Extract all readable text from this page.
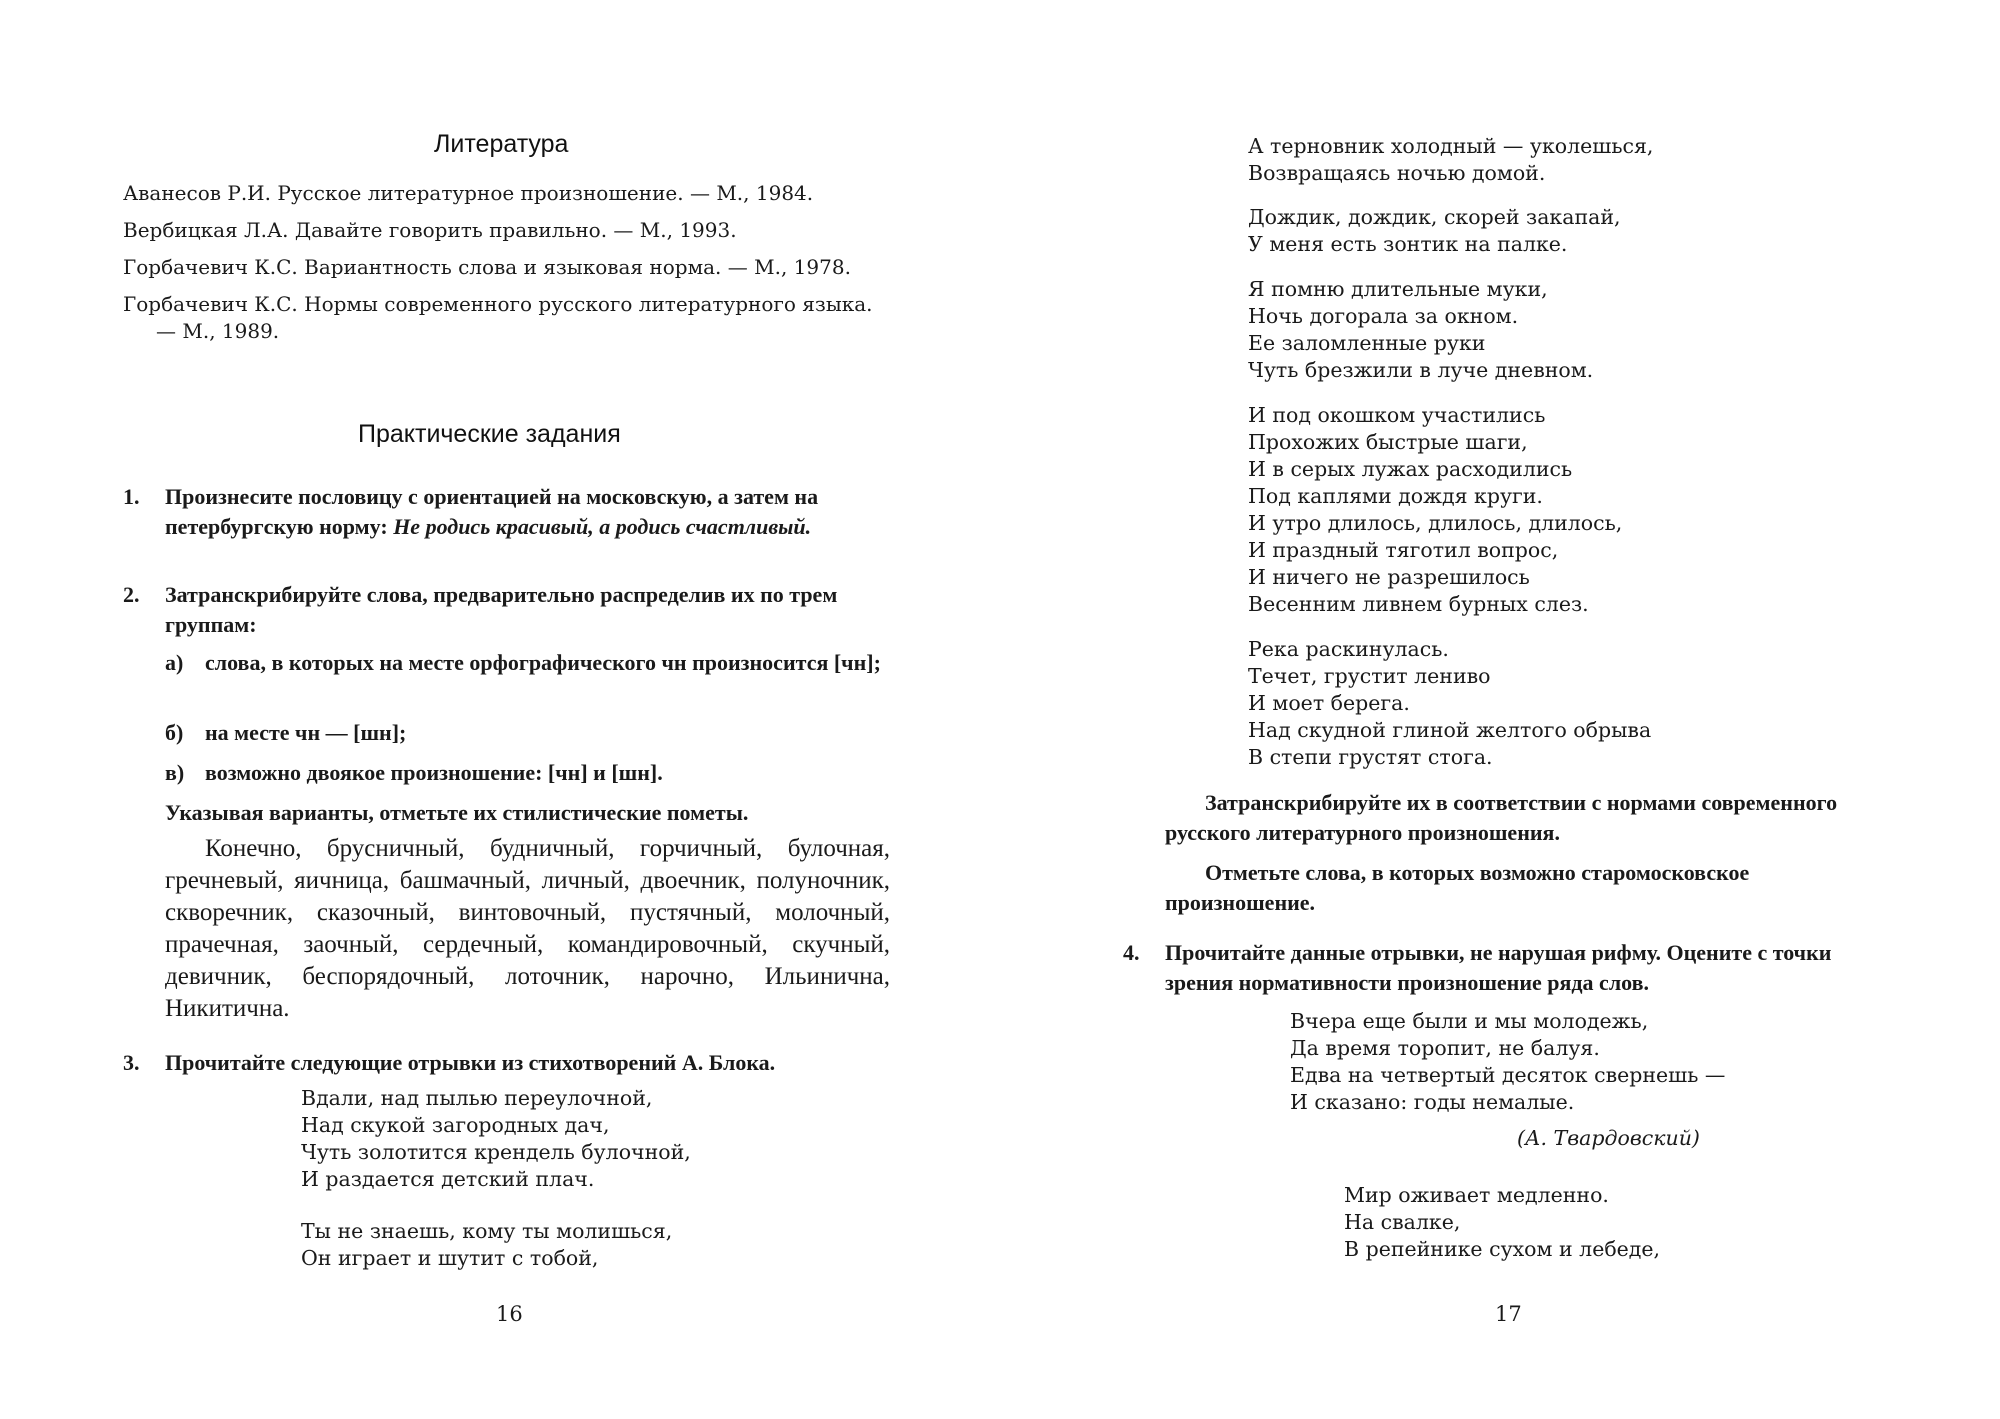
Литература
Аванесов Р.И. Русское литературное произношение. — М., 1984.
Вербицкая Л.А. Давайте говорить правильно. — М., 1993.
Горбачевич К.С. Вариантность слова и языковая норма. — М., 1978.
Горбачевич К.С. Нормы современного русского литературного языка. — М., 1989.
Практические задания
1. Произнесите пословицу с ориентацией на московскую, а затем на петербургскую норму: Не родись красивый, а родись счастливый.
2. Затранскрибируйте слова, предварительно распределив их по трем группам:
а) слова, в которых на месте орфографического чн произносится [чн];
б) на месте чн — [шн];
в) возможно двоякое произношение: [чн] и [шн].
Указывая варианты, отметьте их стилистические пометы.

Конечно, брусничный, будничный, горчичный, булочная, гречневый, яичница, башмачный, личный, двоечник, полуночник, скворечник, сказочный, винтовочный, пустячный, молочный, прачечная, заочный, сердечный, командировочный, скучный, девичник, беспорядочный, лоточник, нарочно, Ильинична, Никитична.

3. Прочитайте следующие отрывки из стихотворений А. Блока.
Вдали, над пылью переулочной,
Над скукой загородных дач,
Чуть золотится крендель булочной,
И раздается детский плач.
Ты не знаешь, кому ты молишься,
Он играет и шутит с тобой,
16
А терновник холодный — уколешься,
Возвращаясь ночью домой.
Дождик, дождик, скорей закапай,
У меня есть зонтик на палке.
Я помню длительные муки,
Ночь догорала за окном.
Ее заломленные руки
Чуть брезжили в луче дневном.
И под окошком участились
Прохожих быстрые шаги,
И в серых лужах расходились
Под каплями дождя круги.
И утро длилось, длилось, длилось,
И праздный тяготил вопрос,
И ничего не разрешилось
Весенним ливнем бурных слез.
Река раскинулась.
Течет, грустит лениво
И моет берега.
Над скудной глиной желтого обрыва
В степи грустят стога.
Затранскрибируйте их в соответствии с нормами современного русского литературного произношения.
Отметьте слова, в которых возможно старомосковское произношение.
4. Прочитайте данные отрывки, не нарушая рифму. Оцените с точки зрения нормативности произношение ряда слов.
Вчера еще были и мы молодежь,
Да время торопит, не балуя.
Едва на четвертый десяток свернешь —
И сказано: годы немалые.
(А. Твардовский)
Мир оживает медленно.
На свалке,
В репейнике сухом и лебеде,
17
